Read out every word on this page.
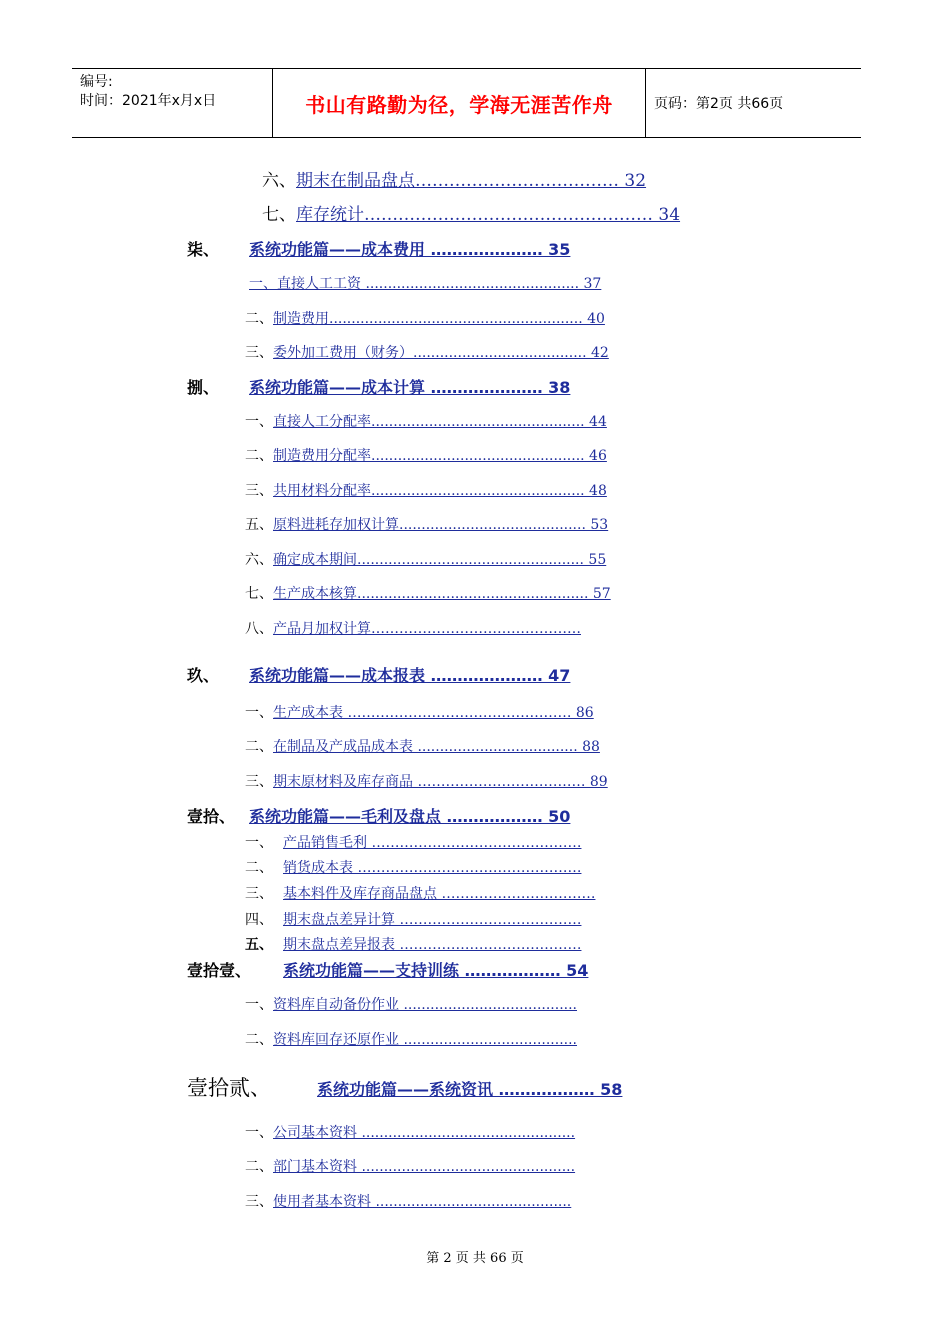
编号:
时间：2021年x月x日	书山有路勤为径，学海无涯苦作舟	页码：第2页 共66页
六、期末在制品盘点……………………………… 32
七、库存统计…………………………………………… 34
柒、 系统功能篇——成本费用 ………………… 35
一、直接人工工资 ................................................ 37
二、制造费用......................................................... 40
三、委外加工费用（财务）....................................... 42
捌、 系统功能篇——成本计算 ………………… 38
一、直接人工分配率................................................ 44
二、制造费用分配率................................................ 46
三、共用材料分配率................................................ 48
五、原料进耗存加权计算.......................................... 53
六、确定成本期间................................................... 55
七、生产成本核算.................................................... 57
八、产品月加权计算………………………………………
玖、 系统功能篇——成本报表 ………………… 47
一、生产成本表 ………………………………………… 86
二、在制品及产成品成本表 .................................... 88
三、期末原材料及库存商品 ……………………………… 89
壹拾、 系统功能篇——毛利及盘点 ……………… 50
一、 产品销售毛利 ………………………………………
二、 销货成本表 …………………………………………
三、 基本料件及库存商品盘点 ……………………………
四、 期末盘点差异计算 …………………………………
五、 期末盘点差异报表 …………………………………
壹拾壹、 系统功能篇——支持训练 ……………… 54
一、资料库自动备份作业 .......................................
二、资料库回存还原作业 .......................................
壹拾贰、	系统功能篇——系统资讯 ……………… 58
一、公司基本资料 ................................................
二、部门基本资料 ................................................
三、使用者基本资料 ............................................
第 2 页 共 66 页
